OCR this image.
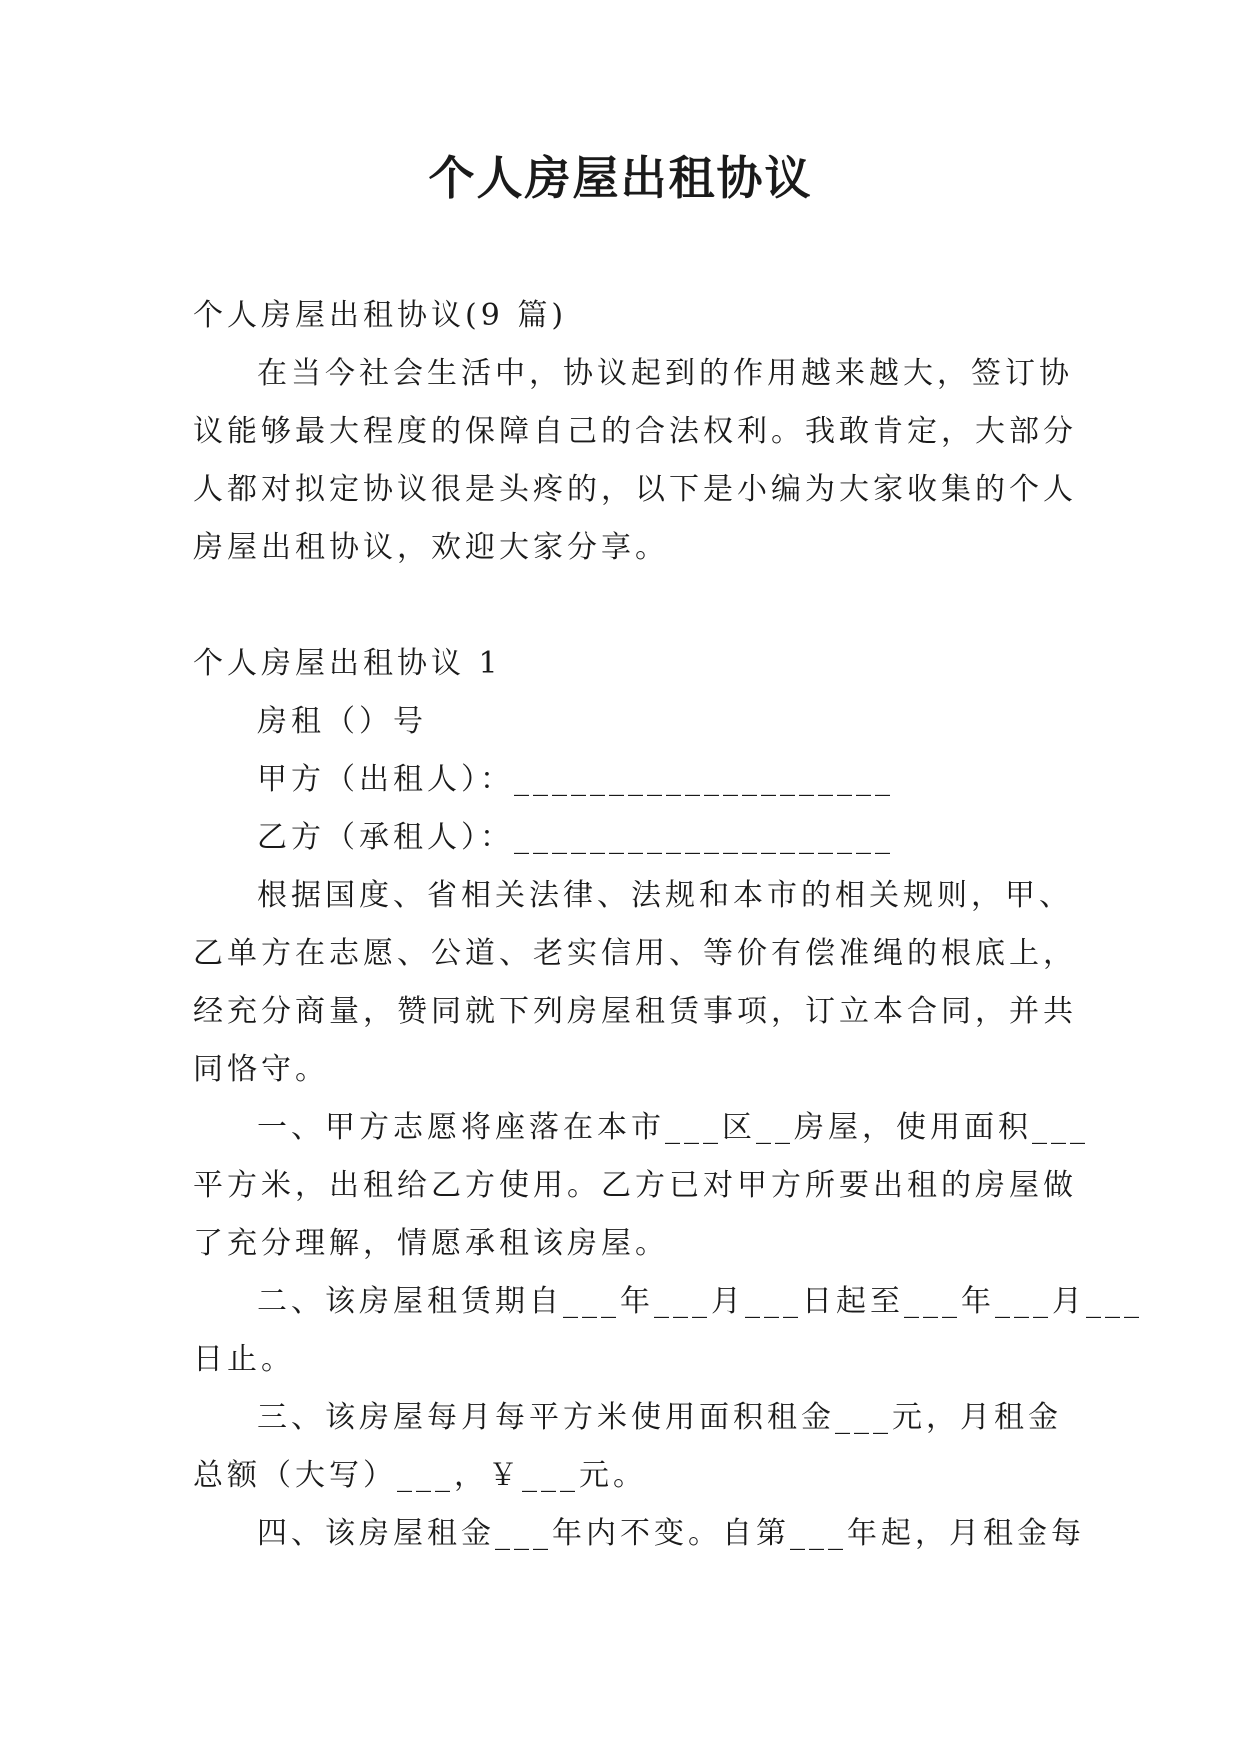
个人房屋出租协议
个人房屋出租协议(9 篇)
在当今社会生活中，协议起到的作用越来越大，签订协
议能够最大程度的保障自己的合法权利。我敢肯定，大部分
人都对拟定协议很是头疼的，以下是小编为大家收集的个人
房屋出租协议，欢迎大家分享。
个人房屋出租协议 1
房租（）号
甲方（出租人）：____________________
乙方（承租人）：____________________
根据国度、省相关法律、法规和本市的相关规则，甲、
乙单方在志愿、公道、老实信用、等价有偿准绳的根底上，
经充分商量，赞同就下列房屋租赁事项，订立本合同，并共
同恪守。
一、甲方志愿将座落在本市___区__房屋，使用面积___
平方米，出租给乙方使用。乙方已对甲方所要出租的房屋做
了充分理解，情愿承租该房屋。
二、该房屋租赁期自___年___月___日起至___年___月___
日止。
三、该房屋每月每平方米使用面积租金___元，月租金
总额（大写）___，￥___元。
四、该房屋租金___年内不变。自第___年起，月租金每
